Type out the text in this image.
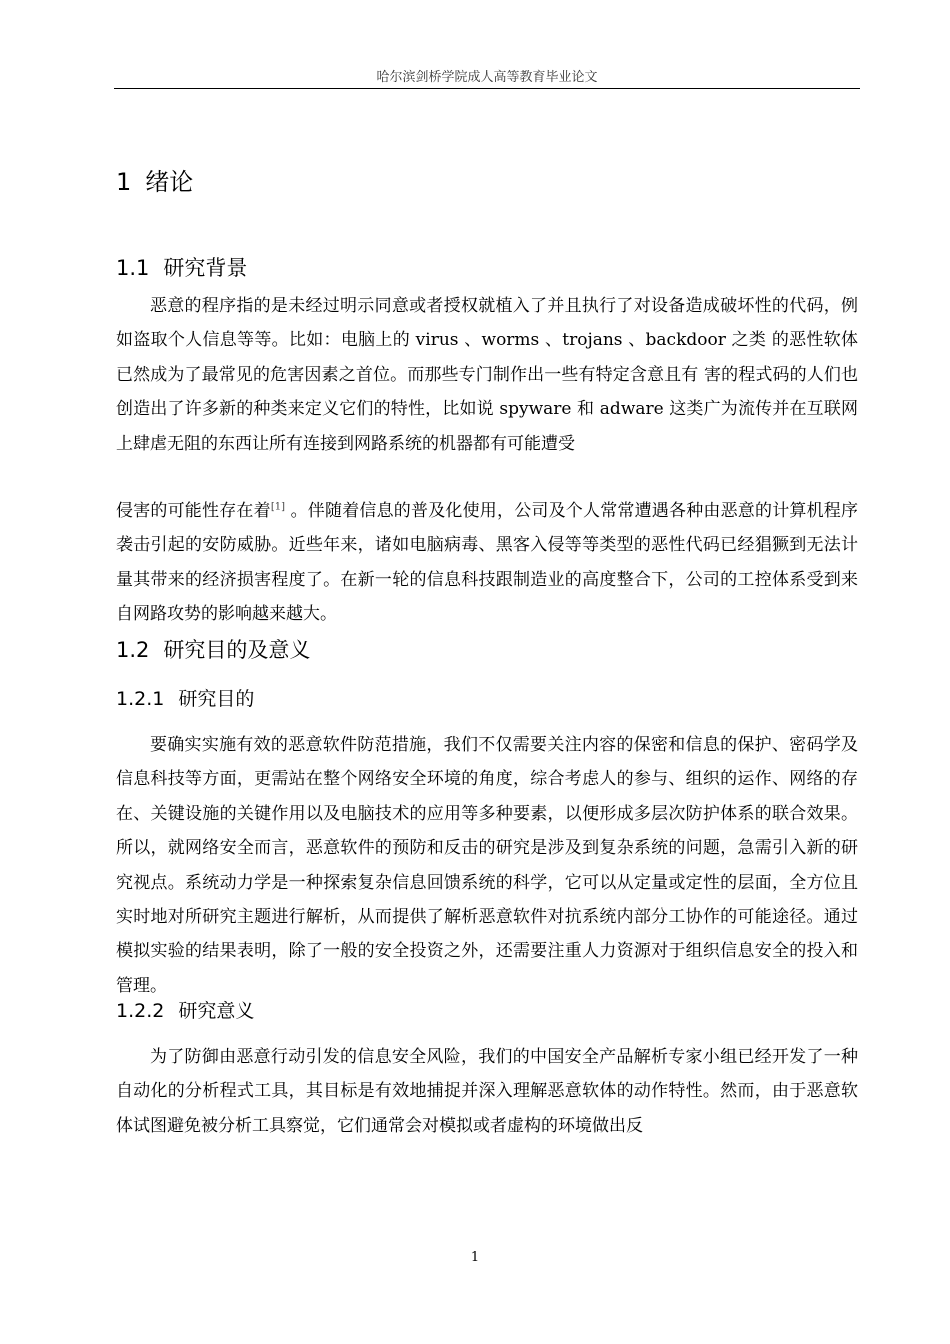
哈尔滨剑桥学院成人高等教育毕业论文
1 绪论
1.1 研究背景

恶意的程序指的是未经过明示同意或者授权就植入了并且执行了对设备造成破坏性的代码，例如盗取个人信息等等。比如：电脑上的 virus 、worms 、trojans 、backdoor 之类 的恶性软体已然成为了最常见的危害因素之首位。而那些专门制作出一些有特定含意且有 害的程式码的人们也创造出了许多新的种类来定义它们的特性，比如说 spyware 和 adware 这类广为流传并在互联网上肆虐无阻的东西让所有连接到网路系统的机器都有可能遭受

侵害的可能性存在着[1] 。伴随着信息的普及化使用，公司及个人常常遭遇各种由恶意的计算机程序袭击引起的安防威胁。近些年来，诸如电脑病毒、黑客入侵等等类型的恶性代码已经猖獗到无法计量其带来的经济损害程度了。在新一轮的信息科技跟制造业的高度整合下，公司的工控体系受到来自网路攻势的影响越来越大。

1.2 研究目的及意义
1.2.1 研究目的

要确实实施有效的恶意软件防范措施，我们不仅需要关注内容的保密和信息的保护、密码学及信息科技等方面，更需站在整个网络安全环境的角度，综合考虑人的参与、组织的运作、网络的存在、关键设施的关键作用以及电脑技术的应用等多种要素，以便形成多层次防护体系的联合效果。所以，就网络安全而言，恶意软件的预防和反击的研究是涉及到复杂系统的问题，急需引入新的研究视点。系统动力学是一种探索复杂信息回馈系统的科学，它可以从定量或定性的层面，全方位且实时地对所研究主题进行解析，从而提供了解析恶意软件对抗系统内部分工协作的可能途径。通过模拟实验的结果表明，除了一般的安全投资之外，还需要注重人力资源对于组织信息安全的投入和管理。

1.2.2 研究意义

为了防御由恶意行动引发的信息安全风险，我们的中国安全产品解析专家小组已经开发了一种自动化的分析程式工具，其目标是有效地捕捉并深入理解恶意软体的动作特性。然而，由于恶意软体试图避免被分析工具察觉，它们通常会对模拟或者虚构的环境做出反

1
